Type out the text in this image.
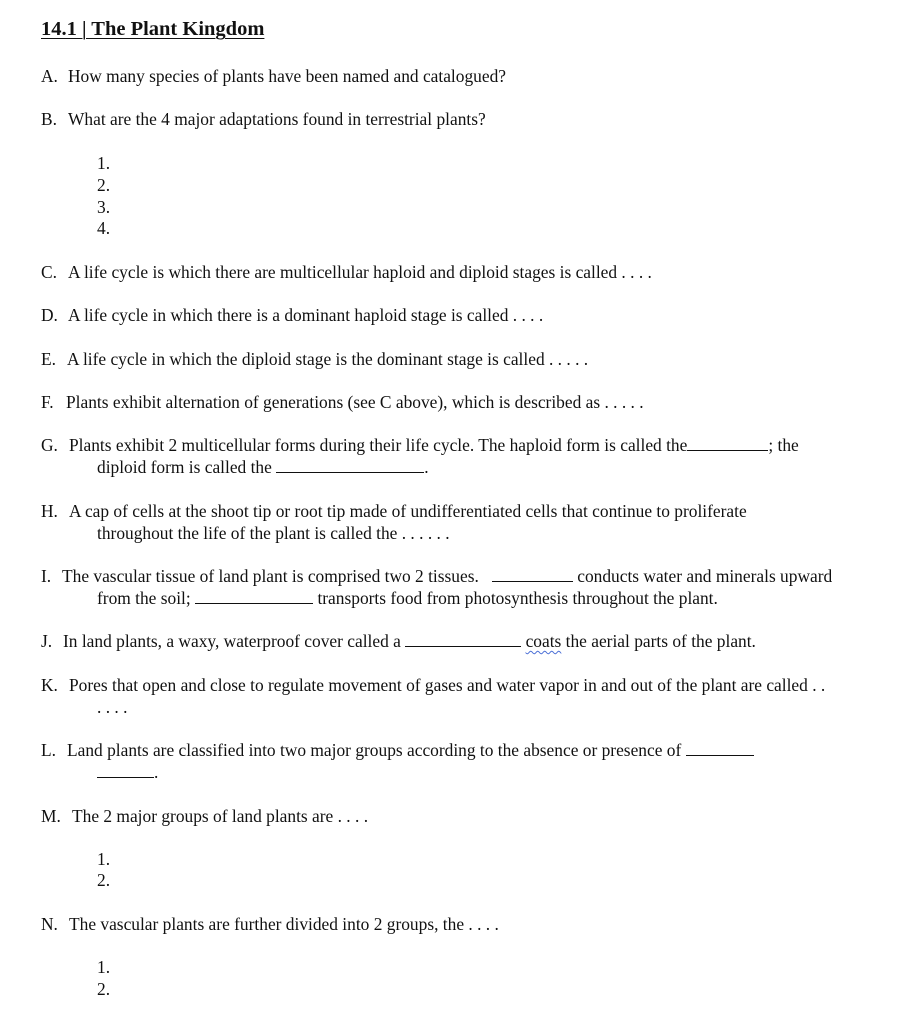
14.1 | The Plant Kingdom
A. How many species of plants have been named and catalogued?
B. What are the 4 major adaptations found in terrestrial plants?
1.
2.
3.
4.
C. A life cycle is which there are multicellular haploid and diploid stages is called . . . .
D. A life cycle in which there is a dominant haploid stage is called . . . .
E. A life cycle in which the diploid stage is the dominant stage is called . . . . .
F. Plants exhibit alternation of generations (see C above), which is described as . . . . .
G. Plants exhibit 2 multicellular forms during their life cycle. The haploid form is called the	; the
diploid form is called the	.
H. A cap of cells at the shoot tip or root tip made of undifferentiated cells that continue to proliferate
throughout the life of the plant is called the . . . . . .
I. The vascular tissue of land plant is comprised two 2 tissues.	conducts water and minerals upward
from the soil;	transports food from photosynthesis throughout the plant.
J. In land plants, a waxy, waterproof cover called a	coats the aerial parts of the plant.
K. Pores that open and close to regulate movement of gases and water vapor in and out of the plant are called . .
. . . .
L. Land plants are classified into two major groups according to the absence or presence of
.
M. The 2 major groups of land plants are . . . .
1.
2.
N. The vascular plants are further divided into 2 groups, the . . . .
1.
2.
